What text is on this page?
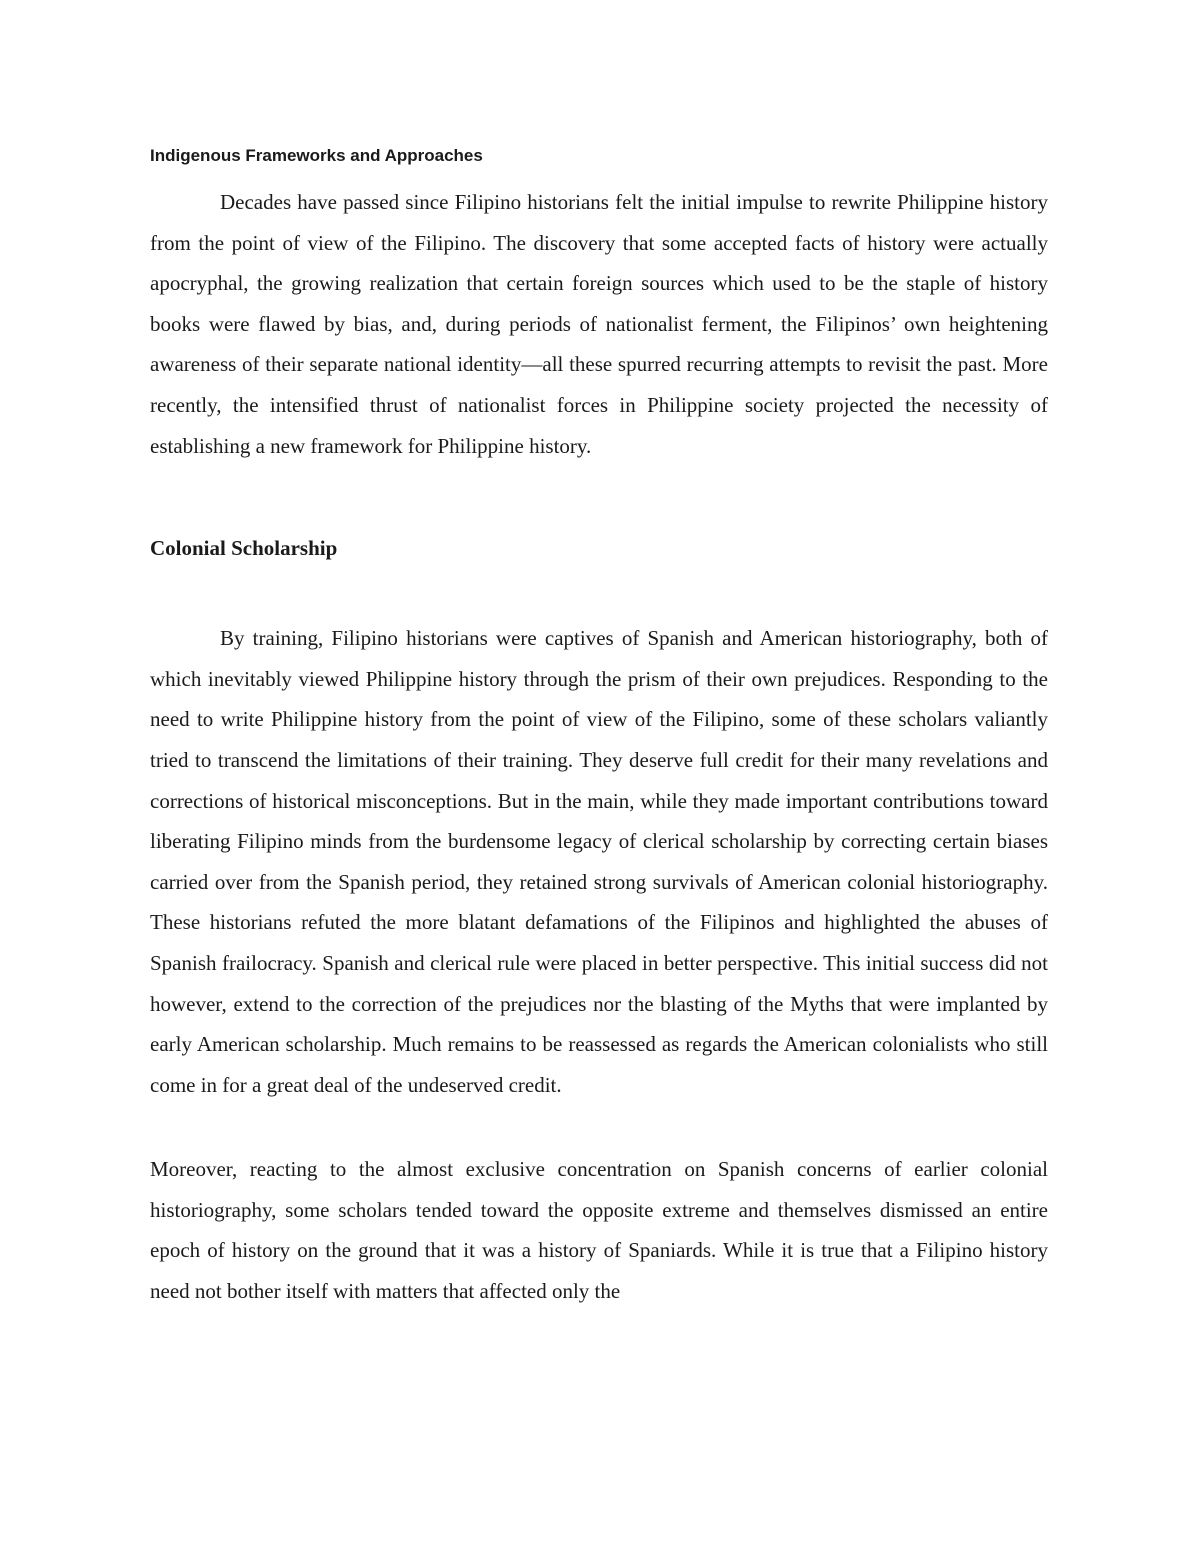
Indigenous Frameworks and Approaches

Decades have passed since Filipino historians felt the initial impulse to rewrite Philippine history from the point of view of the Filipino. The discovery that some accepted facts of history were actually apocryphal, the growing realization that certain foreign sources which used to be the staple of history books were flawed by bias, and, during periods of nationalist ferment, the Filipinos’ own heightening awareness of their separate national identity—all these spurred recurring attempts to revisit the past. More recently, the intensified thrust of nationalist forces in Philippine society projected the necessity of establishing a new framework for Philippine history.

Colonial Scholarship

By training, Filipino historians were captives of Spanish and American historiography, both of which inevitably viewed Philippine history through the prism of their own prejudices. Responding to the need to write Philippine history from the point of view of the Filipino, some of these scholars valiantly tried to transcend the limitations of their training. They deserve full credit for their many revelations and corrections of historical misconceptions. But in the main, while they made important contributions toward liberating Filipino minds from the burdensome legacy of clerical scholarship by correcting certain biases carried over from the Spanish period, they retained strong survivals of American colonial historiography. These historians refuted the more blatant defamations of the Filipinos and highlighted the abuses of Spanish frailocracy. Spanish and clerical rule were placed in better perspective. This initial success did not however, extend to the correction of the prejudices nor the blasting of the Myths that were implanted by early American scholarship. Much remains to be reassessed as regards the American colonialists who still come in for a great deal of the undeserved credit.

Moreover, reacting to the almost exclusive concentration on Spanish concerns of earlier colonial historiography, some scholars tended toward the opposite extreme and themselves dismissed an entire epoch of history on the ground that it was a history of Spaniards. While it is true that a Filipino history need not bother itself with matters that affected only the
